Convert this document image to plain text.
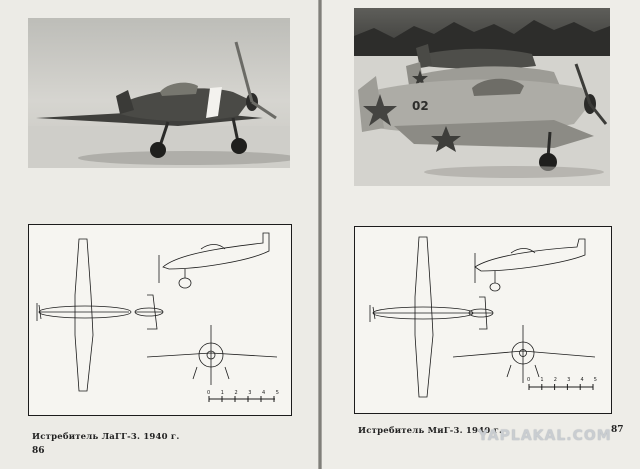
0 1 2 3 4 5
Истребитель ЛаГГ-3. 1940 г.
86
02
0 1 2 3 4 5
Истребитель МиГ-3. 1940 г.	87
YAPLAKAL.COM
